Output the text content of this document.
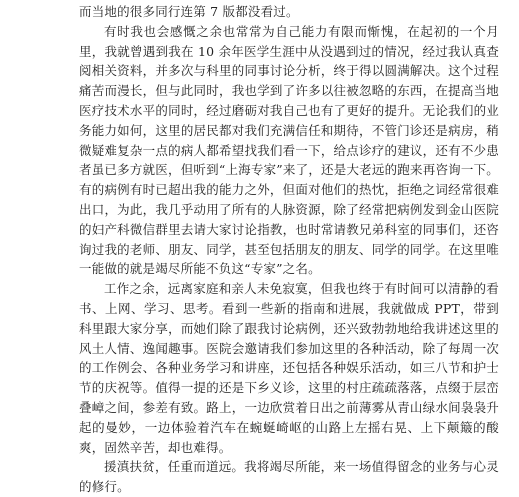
而当地的很多同行连第 7 版都没看过。

有时我也会感慨之余也常常为自己能力有限而惭愧，在起初的一个月里，我就曾遇到我在 10 余年医学生涯中从没遇到过的情况，经过我认真查阅相关资料，并多次与科里的同事讨论分析，终于得以圆满解决。这个过程痛苦而漫长，但与此同时，我也学到了许多以往被忽略的东西，在提高当地医疗技术水平的同时，经过磨砺对我自己也有了更好的提升。无论我们的业务能力如何，这里的居民都对我们充满信任和期待，不管门诊还是病房，稍微疑难复杂一点的病人都希望找我们看一下，给点诊疗的建议，还有不少患者虽已多方就医，但听到“上海专家”来了，还是大老远的跑来再咨询一下。有的病例有时已超出我的能力之外，但面对他们的热忱，拒绝之词经常很难出口，为此，我几乎动用了所有的人脉资源，除了经常把病例发到金山医院的妇产科微信群里去请大家讨论指教，也时常请教兄弟科室的同事们，还咨询过我的老师、朋友、同学，甚至包括朋友的朋友、同学的同学。在这里唯一能做的就是竭尽所能不负这“专家”之名。

工作之余，远离家庭和亲人未免寂寞，但我也终于有时间可以清静的看书、上网、学习、思考。看到一些新的指南和进展，我就做成 PPT，带到科里跟大家分享，而她们除了跟我讨论病例，还兴致勃勃地给我讲述这里的风土人情、逸闻趣事。医院会邀请我们参加这里的各种活动，除了每周一次的工作例会、各种业务学习和讲座，还包括各种娱乐活动，如三八节和护士节的庆祝等。值得一提的还是下乡义诊，这里的村庄疏疏落落，点缀于层峦叠嶂之间，参差有致。路上，一边欣赏着日出之前薄雾从青山绿水间袅袅升起的曼妙，一边体验着汽车在蜿蜒崎岖的山路上左摇右晃、上下颠簸的酸爽，固然辛苦，却也难得。

援滇扶贫，任重而道远。我将竭尽所能，来一场值得留念的业务与心灵的修行。
